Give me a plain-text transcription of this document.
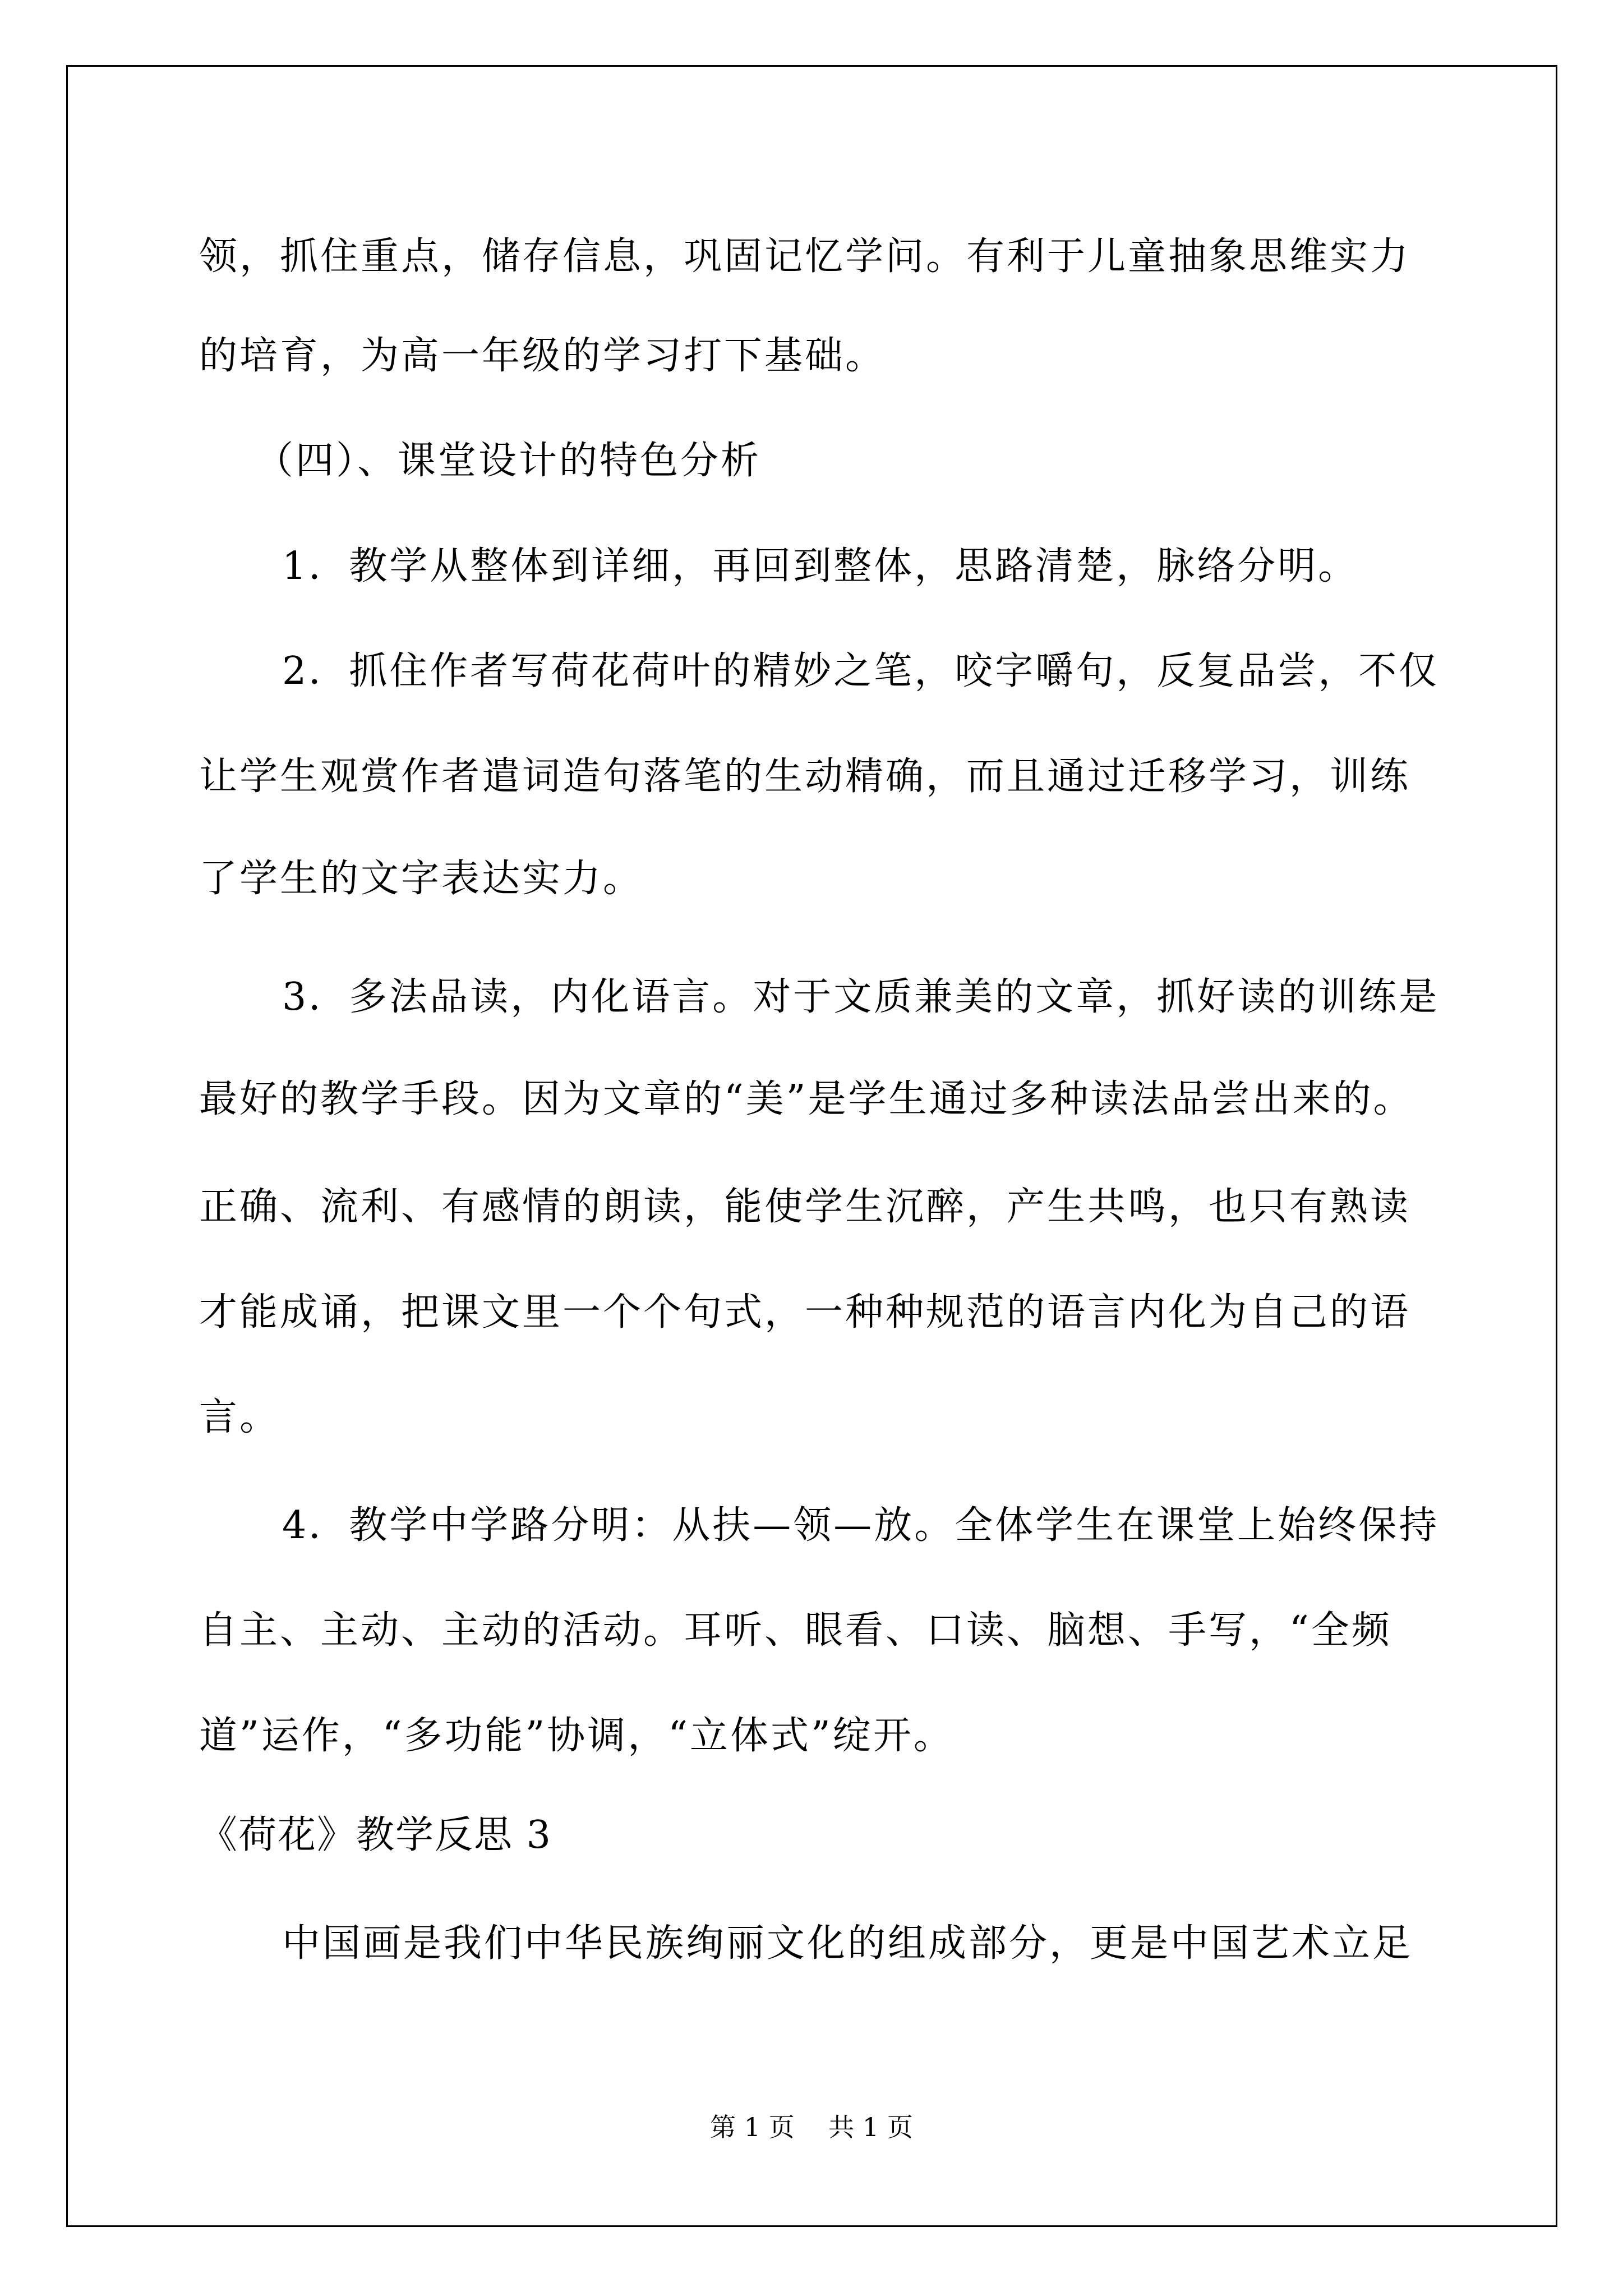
领，抓住重点，储存信息，巩固记忆学问。有利于儿童抽象思维实力
的培育，为高一年级的学习打下基础。
（四）、课堂设计的特色分析
1．教学从整体到详细，再回到整体，思路清楚，脉络分明。
2．抓住作者写荷花荷叶的精妙之笔，咬字嚼句，反复品尝，不仅
让学生观赏作者遣词造句落笔的生动精确，而且通过迁移学习，训练
了学生的文字表达实力。
3．多法品读，内化语言。对于文质兼美的文章，抓好读的训练是
最好的教学手段。因为文章的“美”是学生通过多种读法品尝出来的。
正确、流利、有感情的朗读，能使学生沉醉，产生共鸣，也只有熟读
才能成诵，把课文里一个个句式，一种种规范的语言内化为自己的语
言。
4．教学中学路分明：从扶—领—放。全体学生在课堂上始终保持
自主、主动、主动的活动。耳听、眼看、口读、脑想、手写，“全频
道”运作，“多功能”协调，“立体式”绽开。
《荷花》教学反思 3
中国画是我们中华民族绚丽文化的组成部分，更是中国艺术立足
第 1 页　 共 1 页
